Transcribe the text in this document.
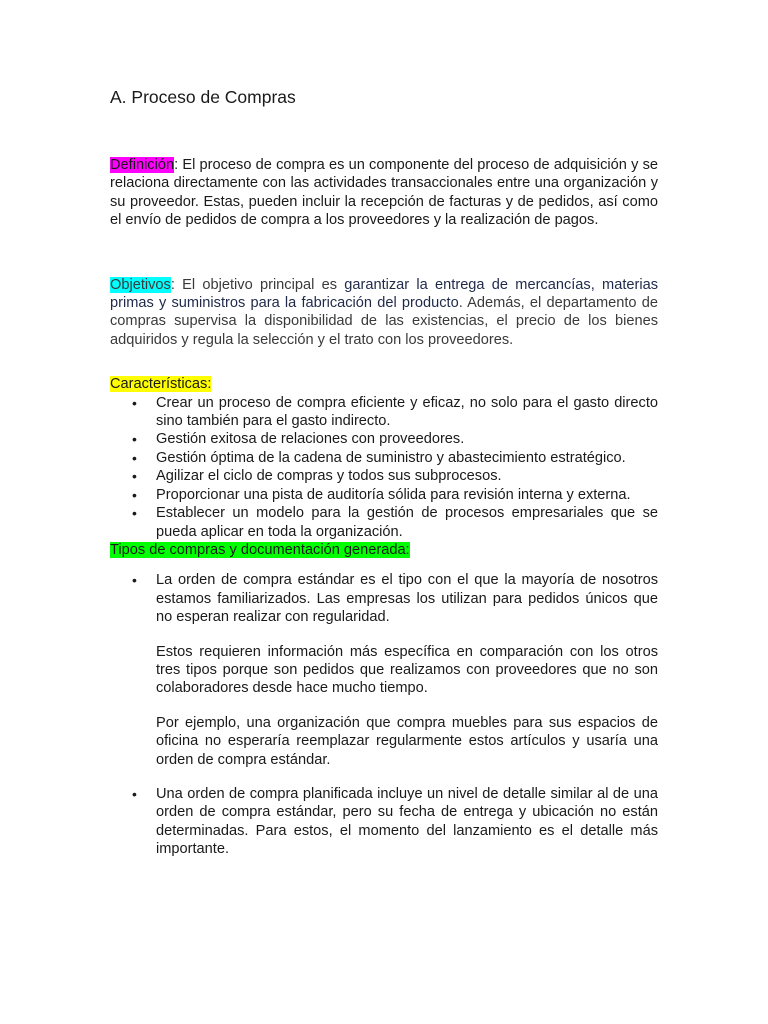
A. Proceso de Compras

Definición: El proceso de compra es un componente del proceso de adquisición y se relaciona directamente con las actividades transaccionales entre una organización y su proveedor. Estas, pueden incluir la recepción de facturas y de pedidos, así como el envío de pedidos de compra a los proveedores y la realización de pagos.

Objetivos: El objetivo principal es garantizar la entrega de mercancías, materias primas y suministros para la fabricación del producto. Además, el departamento de compras supervisa la disponibilidad de las existencias, el precio de los bienes adquiridos y regula la selección y el trato con los proveedores.

Características:
• Crear un proceso de compra eficiente y eficaz, no solo para el gasto directo sino también para el gasto indirecto.
• Gestión exitosa de relaciones con proveedores.
• Gestión óptima de la cadena de suministro y abastecimiento estratégico.
• Agilizar el ciclo de compras y todos sus subprocesos.
• Proporcionar una pista de auditoría sólida para revisión interna y externa.
• Establecer un modelo para la gestión de procesos empresariales que se pueda aplicar en toda la organización.
Tipos de compras y documentación generada:
• La orden de compra estándar es el tipo con el que la mayoría de nosotros estamos familiarizados. Las empresas los utilizan para pedidos únicos que no esperan realizar con regularidad.

Estos requieren información más específica en comparación con los otros tres tipos porque son pedidos que realizamos con proveedores que no son colaboradores desde hace mucho tiempo.

Por ejemplo, una organización que compra muebles para sus espacios de oficina no esperaría reemplazar regularmente estos artículos y usaría una orden de compra estándar.

• Una orden de compra planificada incluye un nivel de detalle similar al de una orden de compra estándar, pero su fecha de entrega y ubicación no están determinadas. Para estos, el momento del lanzamiento es el detalle más importante.
